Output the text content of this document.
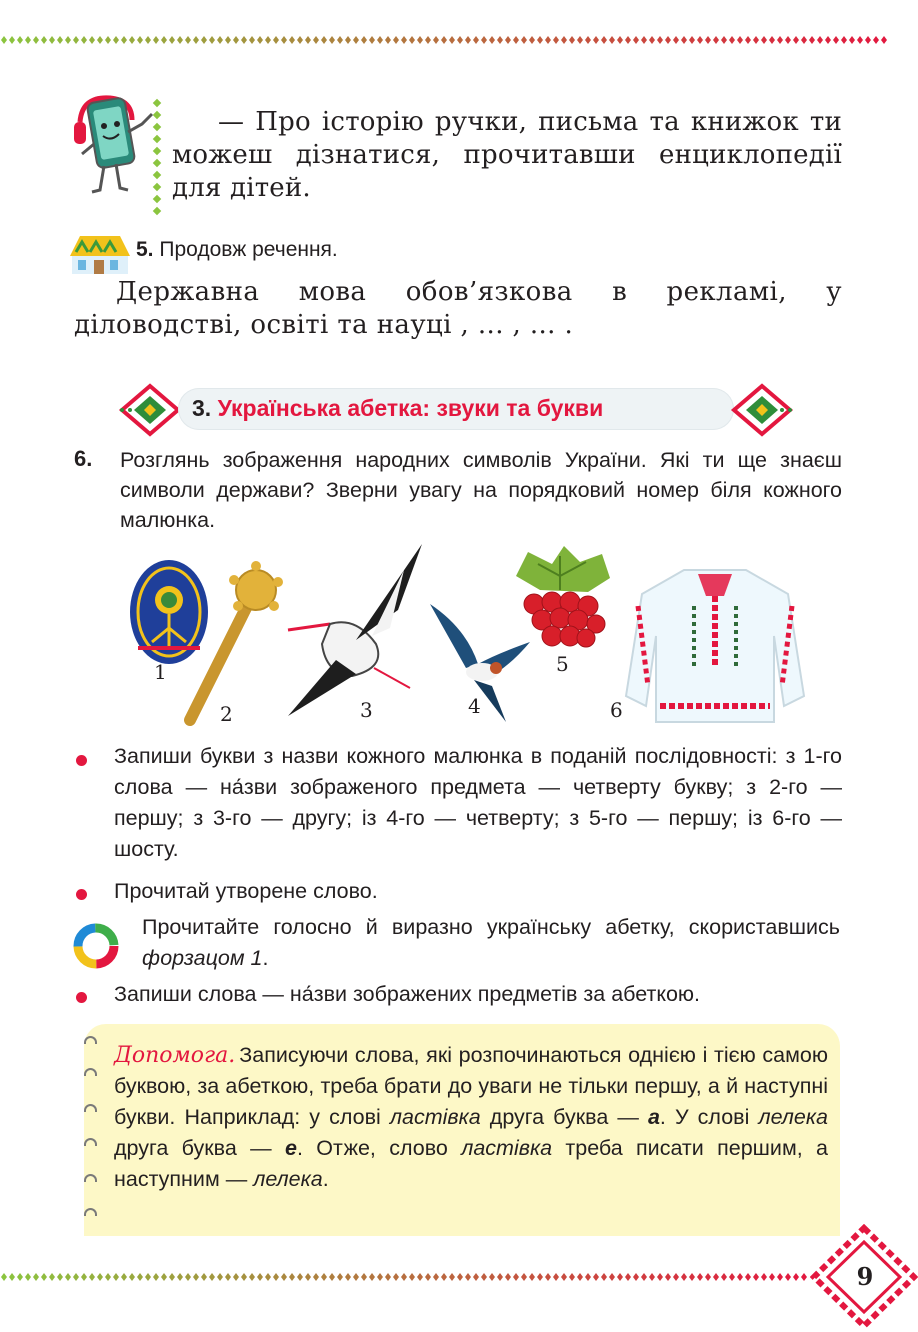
— Про історію ручки, письма та книжок ти можеш дізнатися, прочитавши енциклопедії для дітей.
5. Продовж речення.
Державна мова обов’язкова в рекламі, у діловодстві, освіті та науці , ... , ... .
3. Українська абетка: звуки та букви
6. Розглянь зображення народних символів України. Які ти ще знаєш символи держави? Зверни увагу на порядковий номер біля кожного малюнка.
1
2	3	4
5
6
Запиши букви з назви кожного малюнка в поданій послідовності: з 1-го слова — на́зви зображеного предмета — четверту букву; з 2-го — першу; з 3-го — другу; із 4-го — четверту; з 5-го — першу; із 6-го — шосту.
Прочитай утворене слово.
Прочитайте голосно й виразно українську абетку, скориставшись форзацом 1.
Запиши слова — на́зви зображених предметів за абеткою.
Допомога. Записуючи слова, які розпочинаються однією і тією самою буквою, за абеткою, треба брати до уваги не тільки першу, а й наступні букви. Наприклад: у слові ластівка друга буква — а. У слові лелека друга буква — е. Отже, слово ластівка треба писати першим, а наступним — лелека.
9
